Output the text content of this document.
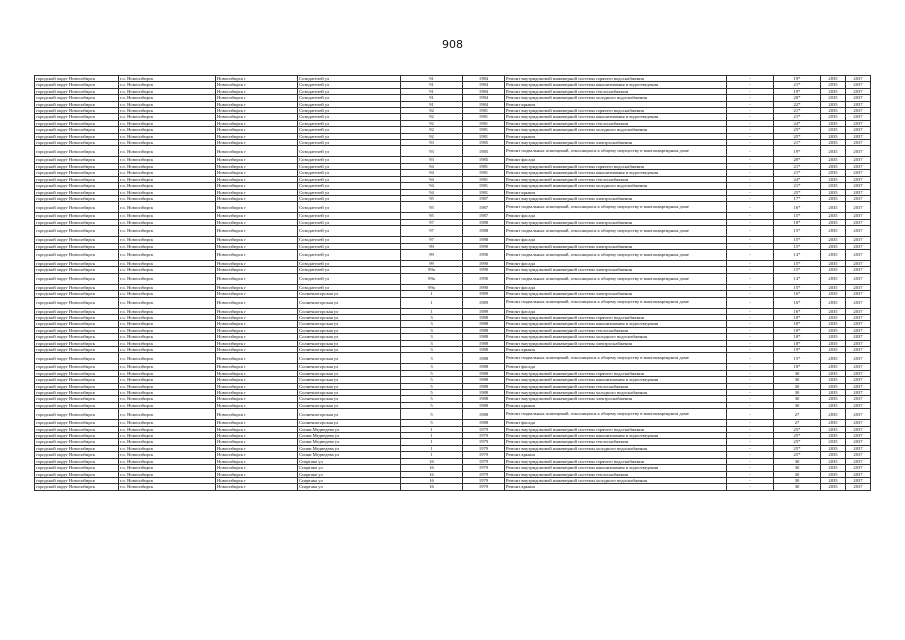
908
городской округ Новосибирск	г.о. Новосибирск	Новосибирск г	Созидателей ул	91	1984	Ремонт внутридомовой инженерной системы горячего водоснабжения	-	19*	2035	2037
городской округ Новосибирск	г.о. Новосибирск	Новосибирск г	Созидателей ул	91	1984	Ремонт внутридомовой инженерной системы канализования и водоотведения	-	21*	2035	2037
городской округ Новосибирск	г.о. Новосибирск	Новосибирск г	Созидателей ул	91	1984	Ремонт внутридомовой инженерной системы теплоснабжения	-	19*	2035	2037
городской округ Новосибирск	г.о. Новосибирск	Новосибирск г	Созидателей ул	91	1984	Ремонт внутридомовой инженерной системы холодного водоснабжения	-	20*	2035	2037
городской округ Новосибирск	г.о. Новосибирск	Новосибирск г	Созидателей ул	91	1984	Ремонт крыши	-	22*	2035	2037
городской округ Новосибирск	г.о. Новосибирск	Новосибирск г	Созидателей ул	92	1981	Ремонт внутридомовой инженерной системы горячего водоснабжения	-	21*	2035	2037
городской округ Новосибирск	г.о. Новосибирск	Новосибирск г	Созидателей ул	92	1981	Ремонт внутридомовой инженерной системы канализования и водоотведения	-	21*	2035	2037
городской округ Новосибирск	г.о. Новосибирск	Новосибирск г	Созидателей ул	92	1981	Ремонт внутридомовой инженерной системы теплоснабжения	-	24*	2035	2037
городской округ Новосибирск	г.о. Новосибирск	Новосибирск г	Созидателей ул	92	1981	Ремонт внутридомовой инженерной системы холодного водоснабжения	-	25*	2035	2037
городской округ Новосибирск	г.о. Новосибирск	Новосибирск г	Созидателей ул	92	1981	Ремонт крыши	-	25*	2035	2037
городской округ Новосибирск	г.о. Новосибирск	Новосибирск г	Созидателей ул	93	1985	Ремонт внутридомовой инженерной системы электроснабжения	-	21*	2035	2037
городской округ Новосибирск	г.о. Новосибирск	Новосибирск г	Созидателей ул	93	1985	Ремонт подвальных помещений, относящихся к общему имуществу в многоквартирном доме	-	19*	2035	2037
городской округ Новосибирск	г.о. Новосибирск	Новосибирск г	Созидателей ул	93	1985	Ремонт фасада	-	20*	2035	2037
городской округ Новосибирск	г.о. Новосибирск	Новосибирск г	Созидателей ул	94	1981	Ремонт внутридомовой инженерной системы горячего водоснабжения	-	21*	2035	2037
городской округ Новосибирск	г.о. Новосибирск	Новосибирск г	Созидателей ул	94	1981	Ремонт внутридомовой инженерной системы канализования и водоотведения	-	21*	2035	2037
городской округ Новосибирск	г.о. Новосибирск	Новосибирск г	Созидателей ул	94	1981	Ремонт внутридомовой инженерной системы теплоснабжения	-	24*	2035	2037
городской округ Новосибирск	г.о. Новосибирск	Новосибирск г	Созидателей ул	94	1981	Ремонт внутридомовой инженерной системы холодного водоснабжения	-	21*	2035	2037
городской округ Новосибирск	г.о. Новосибирск	Новосибирск г	Созидателей ул	94	1981	Ремонт крыши	-	25*	2035	2037
городской округ Новосибирск	г.о. Новосибирск	Новосибирск г	Созидателей ул	95	1987	Ремонт внутридомовой инженерной системы электроснабжения	-	17*	2035	2037
городской округ Новосибирск	г.о. Новосибирск	Новосибирск г	Созидателей ул	95	1987	Ремонт подвальных помещений, относящихся к общему имуществу в многоквартирном доме	-	16*	2035	2037
городской округ Новосибирск	г.о. Новосибирск	Новосибирск г	Созидателей ул	95	1987	Ремонт фасада	-	15*	2035	2037
городской округ Новосибирск	г.о. Новосибирск	Новосибирск г	Созидателей ул	97	1988	Ремонт внутридомовой инженерной системы электроснабжения	-	18*	2035	2037
городской округ Новосибирск	г.о. Новосибирск	Новосибирск г	Созидателей ул	97	1988	Ремонт подвальных помещений, относящихся к общему имуществу в многоквартирном доме	-	15*	2035	2037
городской округ Новосибирск	г.о. Новосибирск	Новосибирск г	Созидателей ул	97	1988	Ремонт фасада	-	15*	2035	2037
городской округ Новосибирск	г.о. Новосибирск	Новосибирск г	Созидателей ул	99	1990	Ремонт внутридомовой инженерной системы электроснабжения	-	15*	2035	2037
городской округ Новосибирск	г.о. Новосибирск	Новосибирск г	Созидателей ул	99	1990	Ремонт подвальных помещений, относящихся к общему имуществу в многоквартирном доме	-	14*	2035	2037
городской округ Новосибирск	г.о. Новосибирск	Новосибирск г	Созидателей ул	99	1990	Ремонт фасада	-	15*	2035	2037
городской округ Новосибирск	г.о. Новосибирск	Новосибирск г	Созидателей ул	99а	1990	Ремонт внутридомовой инженерной системы электроснабжения	-	15*	2035	2037
городской округ Новосибирск	г.о. Новосибирск	Новосибирск г	Созидателей ул	99а	1990	Ремонт подвальных помещений, относящихся к общему имуществу в многоквартирном доме	-	14*	2035	2037
городской округ Новосибирск	г.о. Новосибирск	Новосибирск г	Созидателей ул	99а	1990	Ремонт фасада	-	15*	2035	2037
городской округ Новосибирск	г.о. Новосибирск	Новосибирск г	Солнечногорская ул	1	1989	Ремонт внутридомовой инженерной системы электроснабжения	-	16*	2035	2037
городской округ Новосибирск	г.о. Новосибирск	Новосибирск г	Солнечногорская ул	1	1989	Ремонт подвальных помещений, относящихся к общему имуществу в многоквартирном доме	-	16*	2035	2037
городской округ Новосибирск	г.о. Новосибирск	Новосибирск г	Солнечногорская ул	1	1989	Ремонт фасада	-	16*	2035	2037
городской округ Новосибирск	г.о. Новосибирск	Новосибирск г	Солнечногорская ул	3	1988	Ремонт внутридомовой инженерной системы горячего водоснабжения	-	18*	2035	2037
городской округ Новосибирск	г.о. Новосибирск	Новосибирск г	Солнечногорская ул	3	1988	Ремонт внутридомовой инженерной системы канализования и водоотведения	-	18*	2035	2037
городской округ Новосибирск	г.о. Новосибирск	Новосибирск г	Солнечногорская ул	3	1988	Ремонт внутридомовой инженерной системы теплоснабжения	-	18*	2035	2037
городской округ Новосибирск	г.о. Новосибирск	Новосибирск г	Солнечногорская ул	3	1988	Ремонт внутридомовой инженерной системы холодного водоснабжения	-	18*	2035	2037
городской округ Новосибирск	г.о. Новосибирск	Новосибирск г	Солнечногорская ул	3	1988	Ремонт внутридомовой инженерной системы электроснабжения	-	18*	2035	2037
городской округ Новосибирск	г.о. Новосибирск	Новосибирск г	Солнечногорская ул	3	1988	Ремонт крыши	-	19*	2035	2037
городской округ Новосибирск	г.о. Новосибирск	Новосибирск г	Солнечногорская ул	3	1988	Ремонт подвальных помещений, относящихся к общему имуществу в многоквартирном доме	-	15*	2035	2037
городской округ Новосибирск	г.о. Новосибирск	Новосибирск г	Солнечногорская ул	3	1988	Ремонт фасада	-	18*	2035	2037
городской округ Новосибирск	г.о. Новосибирск	Новосибирск г	Солнечногорская ул	5	1988	Ремонт внутридомовой инженерной системы горячего водоснабжения	-	30	2035	2037
городской округ Новосибирск	г.о. Новосибирск	Новосибирск г	Солнечногорская ул	5	1988	Ремонт внутридомовой инженерной системы канализования и водоотведения	-	30	2035	2037
городской округ Новосибирск	г.о. Новосибирск	Новосибирск г	Солнечногорская ул	5	1988	Ремонт внутридомовой инженерной системы теплоснабжения	-	30	2035	2037
городской округ Новосибирск	г.о. Новосибирск	Новосибирск г	Солнечногорская ул	5	1988	Ремонт внутридомовой инженерной системы холодного водоснабжения	-	30	2035	2037
городской округ Новосибирск	г.о. Новосибирск	Новосибирск г	Солнечногорская ул	5	1988	Ремонт внутридомовой инженерной системы электроснабжения	-	30	2035	2037
городской округ Новосибирск	г.о. Новосибирск	Новосибирск г	Солнечногорская ул	5	1988	Ремонт крыши	-	30	2035	2037
городской округ Новосибирск	г.о. Новосибирск	Новосибирск г	Солнечногорская ул	5	1988	Ремонт подвальных помещений, относящихся к общему имуществу в многоквартирном доме	-	27	2035	2037
городской округ Новосибирск	г.о. Новосибирск	Новосибирск г	Солнечногорская ул	5	1988	Ремонт фасада	-	27	2035	2037
городской округ Новосибирск	г.о. Новосибирск	Новосибирск г	Сопки Медведева ул	1	1979	Ремонт внутридомовой инженерной системы горячего водоснабжения	-	25*	2035	2037
городской округ Новосибирск	г.о. Новосибирск	Новосибирск г	Сопки Медведева ул	1	1979	Ремонт внутридомовой инженерной системы канализования и водоотведения	-	25*	2035	2037
городской округ Новосибирск	г.о. Новосибирск	Новосибирск г	Сопки Медведева ул	1	1979	Ремонт внутридомовой инженерной системы теплоснабжения	-	25*	2035	2037
городской округ Новосибирск	г.о. Новосибирск	Новосибирск г	Сопки Медведева ул	1	1979	Ремонт внутридомовой инженерной системы холодного водоснабжения	-	25*	2035	2037
городской округ Новосибирск	г.о. Новосибирск	Новосибирск г	Сопки Медведева ул	1	1979	Ремонт крыши	-	25*	2035	2037
городской округ Новосибирск	г.о. Новосибирск	Новосибирск г	Спартака ул	16	1979	Ремонт внутридомовой инженерной системы горячего водоснабжения	-	30	2035	2037
городской округ Новосибирск	г.о. Новосибирск	Новосибирск г	Спартака ул	16	1979	Ремонт внутридомовой инженерной системы канализования и водоотведения	-	30	2035	2037
городской округ Новосибирск	г.о. Новосибирск	Новосибирск г	Спартака ул	16	1979	Ремонт внутридомовой инженерной системы теплоснабжения	-	30	2035	2037
городской округ Новосибирск	г.о. Новосибирск	Новосибирск г	Спартака ул	16	1979	Ремонт внутридомовой инженерной системы холодного водоснабжения	-	30	2035	2037
городской округ Новосибирск	г.о. Новосибирск	Новосибирск г	Спартака ул	16	1979	Ремонт крыши	-	30	2035	2037
